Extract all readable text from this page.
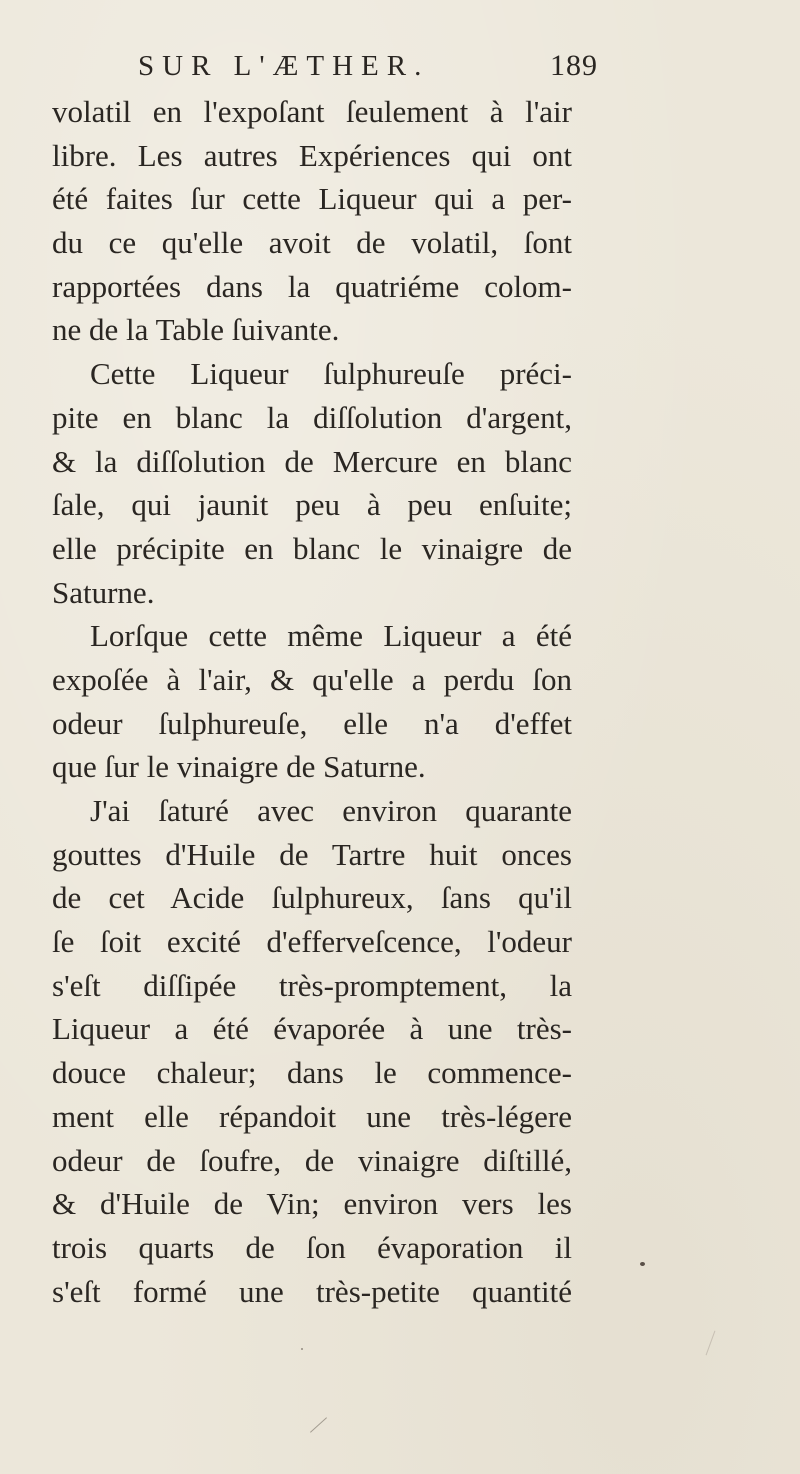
SUR L'ÆTHER.	189
volatil en l'expoſant ſeulement à l'air
libre. Les autres Expériences qui ont
été faites ſur cette Liqueur qui a per-
du ce qu'elle avoit de volatil, ſont
rapportées dans la quatriéme colom-
ne de la Table ſuivante.
Cette Liqueur ſulphureuſe préci-
pite en blanc la diſſolution d'argent,
& la diſſolution de Mercure en blanc
ſale, qui jaunit peu à peu enſuite;
elle précipite en blanc le vinaigre de
Saturne.
Lorſque cette même Liqueur a été
expoſée à l'air, & qu'elle a perdu ſon
odeur ſulphureuſe, elle n'a d'effet
que ſur le vinaigre de Saturne.
J'ai ſaturé avec environ quarante
gouttes d'Huile de Tartre huit onces
de cet Acide ſulphureux, ſans qu'il
ſe ſoit excité d'effervеſcence, l'odeur
s'eſt diſſipée très-promptement, la
Liqueur a été évaporée à une très-
douce chaleur; dans le commence-
ment elle répandoit une très-légere
odeur de ſoufre, de vinaigre diſtillé,
& d'Huile de Vin; environ vers les
trois quarts de ſon évaporation il
s'eſt formé une très-petite quantité
